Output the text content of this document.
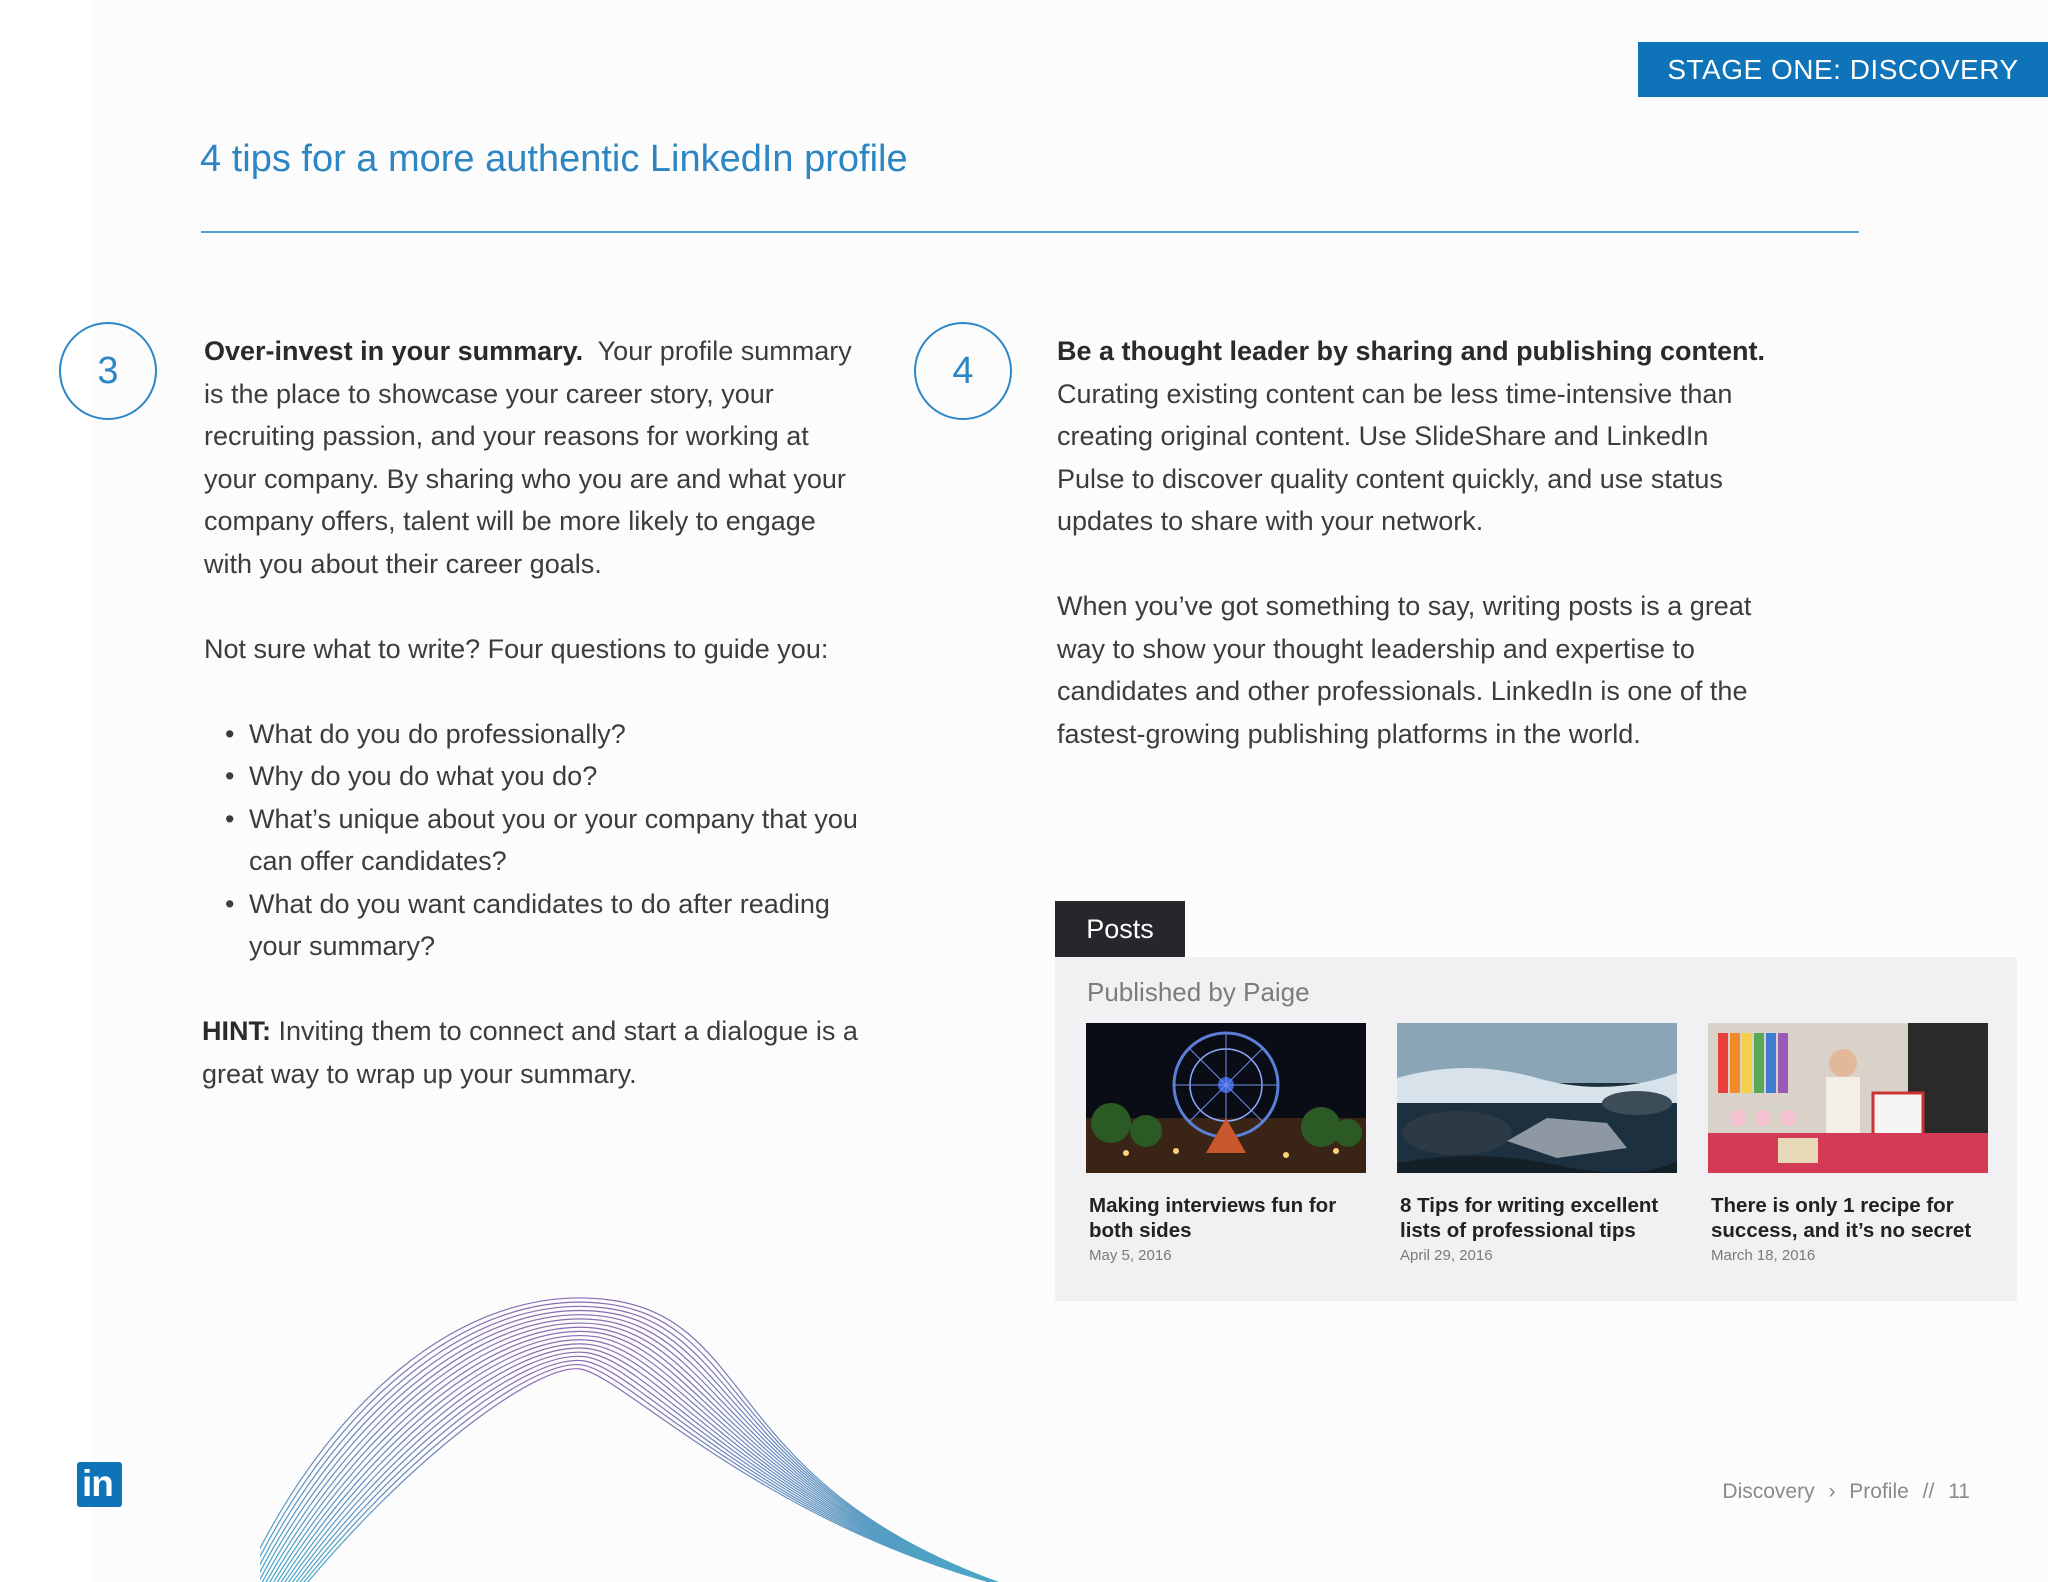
STAGE ONE: DISCOVERY
4 tips for a more authentic LinkedIn profile
3	Over-invest in your summary. Your profile summary is the place to showcase your career story, your recruiting passion, and your reasons for working at your company. By sharing who you are and what your company offers, talent will be more likely to engage with you about their career goals.

Not sure what to write? Four questions to guide you:

• What do you do professionally?
• Why do you do what you do?
• What’s unique about you or your company that you can offer candidates?
• What do you want candidates to do after reading your summary?

HINT: Inviting them to connect and start a dialogue is a great way to wrap up your summary.

4	Be a thought leader by sharing and publishing content. Curating existing content can be less time-intensive than creating original content. Use SlideShare and LinkedIn Pulse to discover quality content quickly, and use status updates to share with your network.

When you’ve got something to say, writing posts is a great way to show your thought leadership and expertise to candidates and other professionals. LinkedIn is one of the fastest-growing publishing platforms in the world.

Posts
Published by Paige
Making interviews fun for both sides
May 5, 2016
8 Tips for writing excellent lists of professional tips
April 29, 2016
There is only 1 recipe for success, and it’s no secret
March 18, 2016
in	Discovery › Profile // 11
